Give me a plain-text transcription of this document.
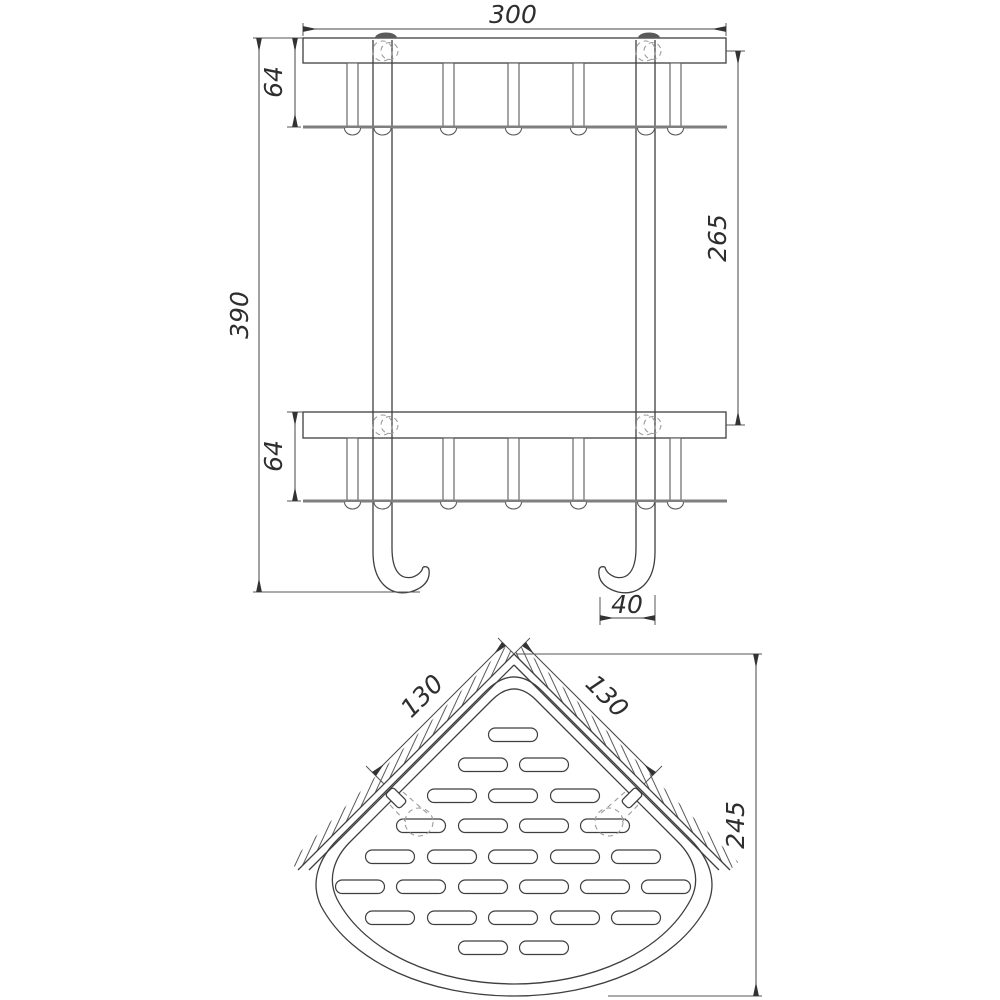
300
64
390
64
265
40
130	130
245
